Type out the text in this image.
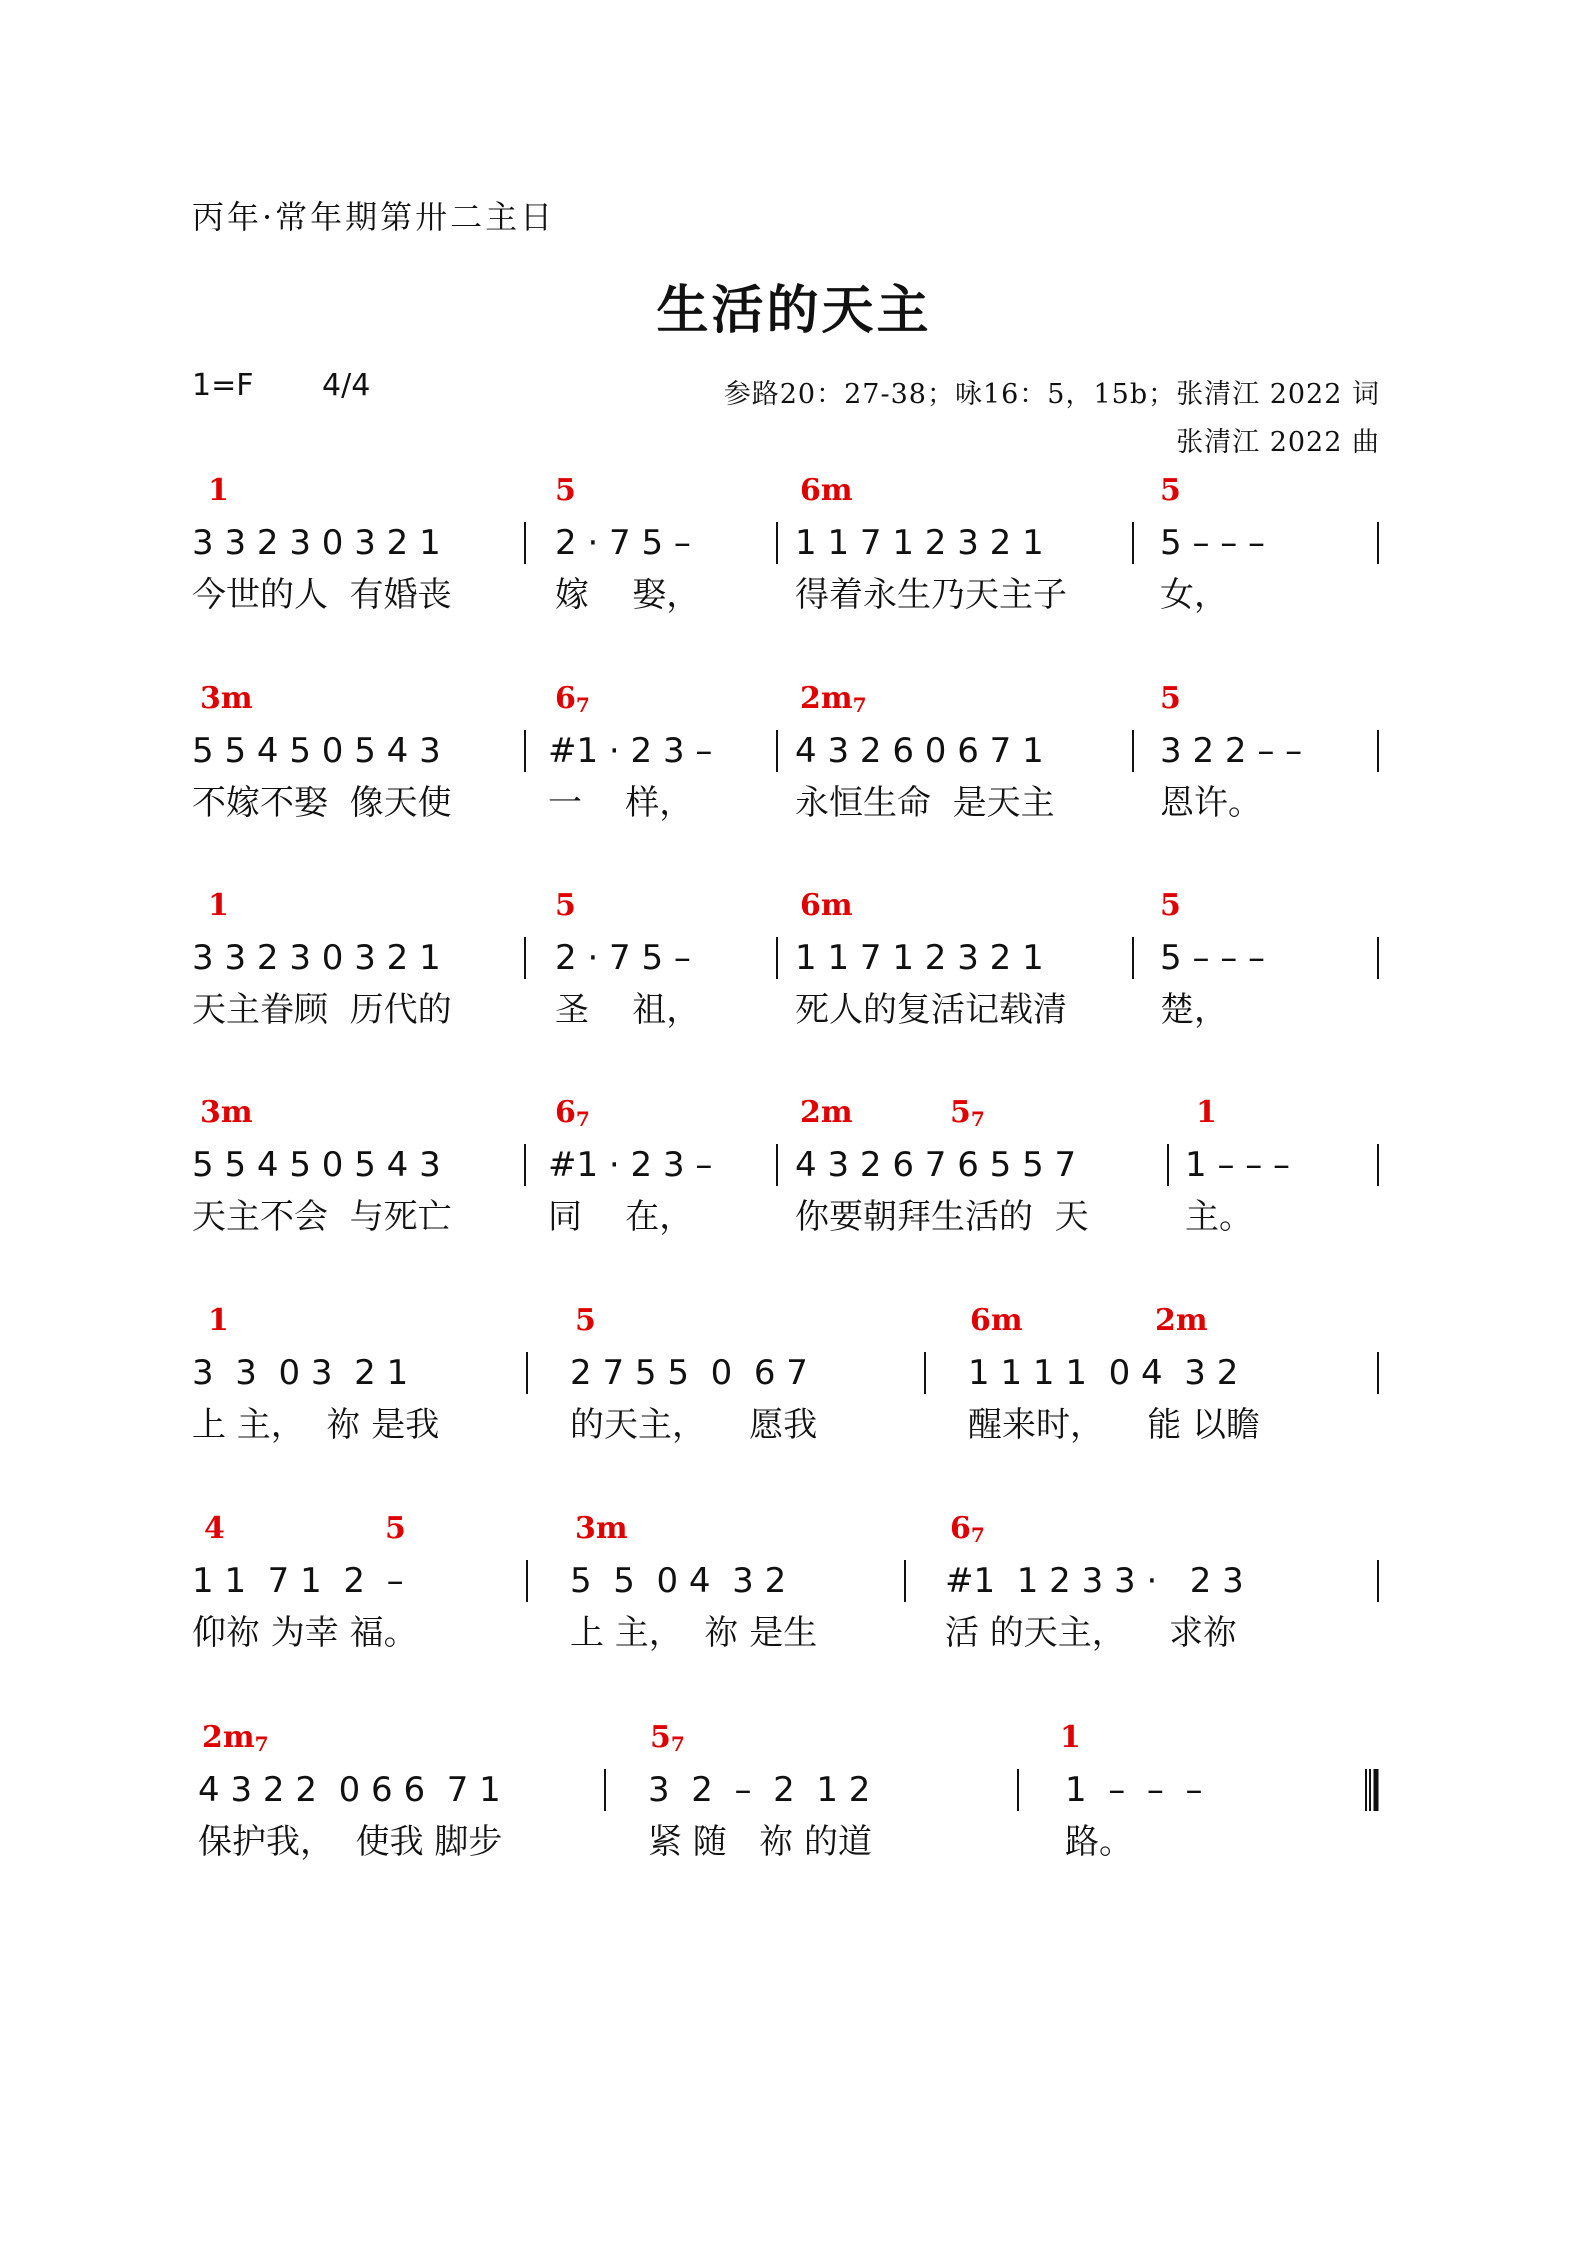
丙年·常年期第卅二主日
生活的天主
1=F 4/4	参路20：27-38；咏16：5，15b；张清江 2022 词
张清江 2022 曲
1	5	6m	5
3 3 2 3 0 3 2 1
今世的人  有婚丧
2 · 7 5 –
嫁    娶，
1 1 7 1 2 3 2 1
得着永生乃天主子
5 – – –
女，
3m	67	2m7	5
5 5 4 5 0 5 4 3
不嫁不娶  像天使
#1 · 2 3 –
一    样，
4 3 2 6 0 6 7 1
永恒生命  是天主
3 2 2 – –
恩许。
1	5	6m	5
3 3 2 3 0 3 2 1
天主眷顾  历代的
2 · 7 5 –
圣    祖，
1 1 7 1 2 3 2 1
死人的复活记载清
5 – – –
楚，
3m	67	2m	57	1
5 5 4 5 0 5 4 3
天主不会  与死亡
#1 · 2 3 –
同    在，
4 3 2 6 7 6 5 5 7
你要朝拜生活的  天
1 – – –
主。
1	5	6m	2m
3  3  0 3  2 1
上 主，  祢 是我
2 7 5 5  0  6 7
的天主，    愿我
1 1 1 1  0 4  3 2
醒来时，    能 以瞻
4	5	3m	67
1 1  7 1  2  –
仰祢 为幸 福。
5  5  0 4  3 2
上 主，  祢 是生
#1  1 2 3 3 ·   2 3
活 的天主，    求祢
2m7	57	1
4 3 2 2  0 6 6  7 1
保护我，  使我 脚步
3  2  –  2  1 2
紧 随   祢 的道
1  –  –  –
路。
